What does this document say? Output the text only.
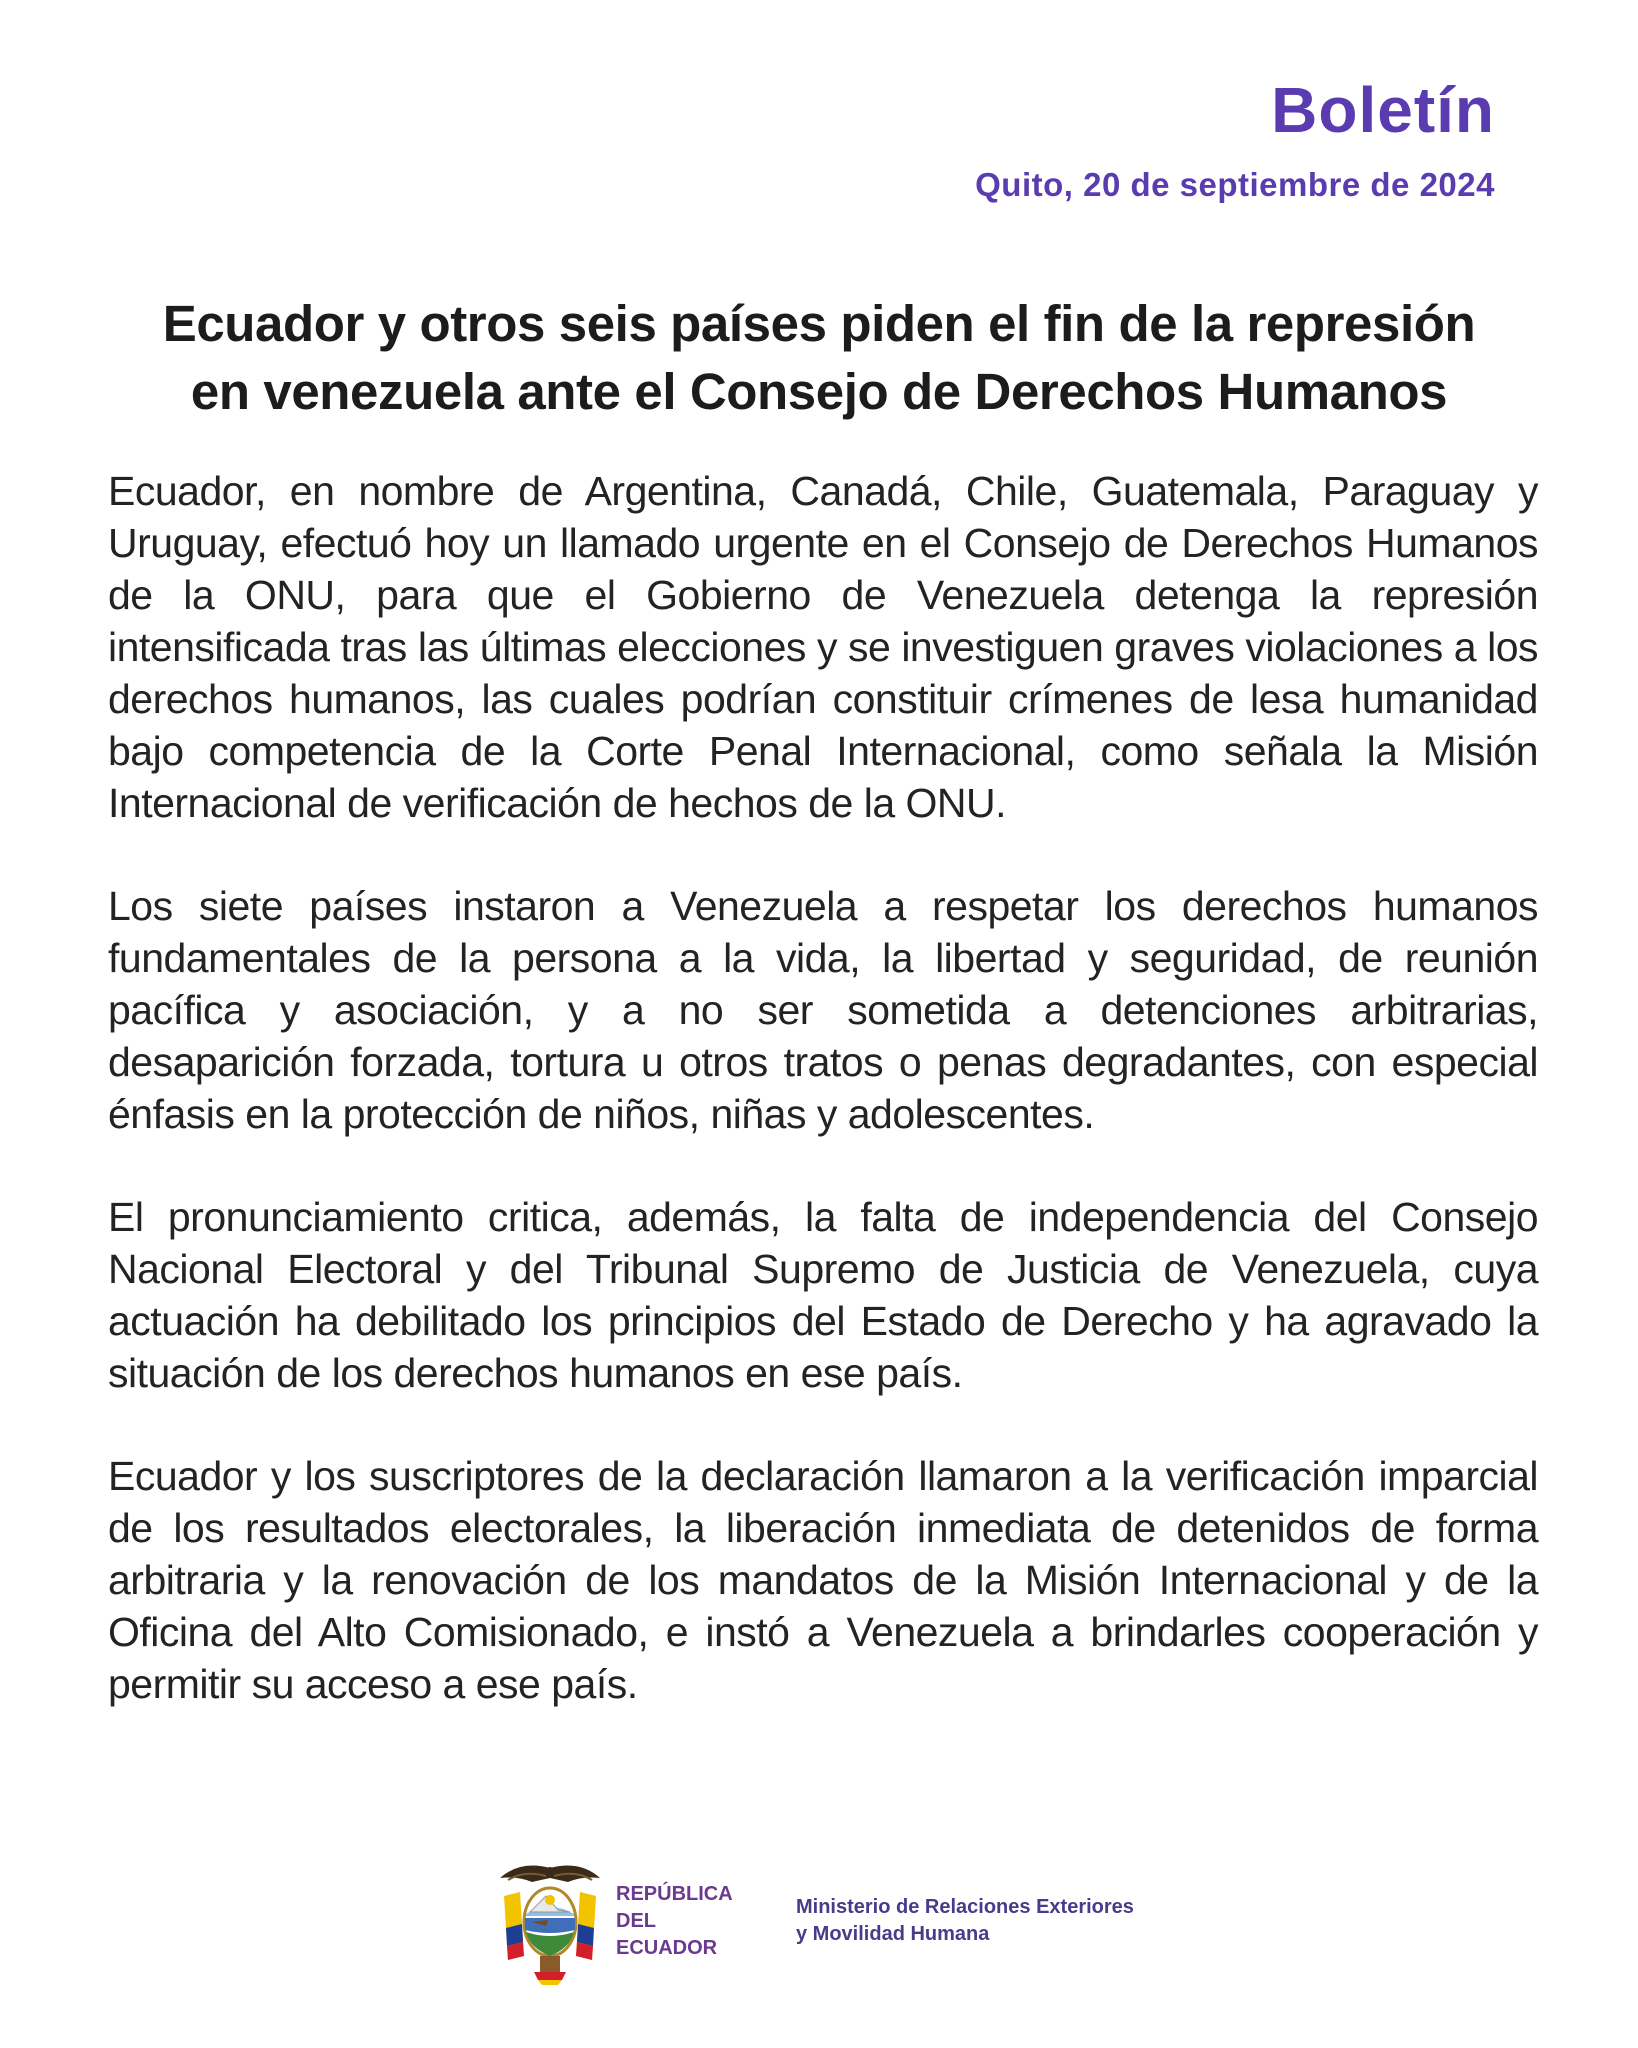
Boletín
Quito, 20 de septiembre de 2024
Ecuador y otros seis países piden el fin de la represión
en venezuela ante el Consejo de Derechos Humanos

Ecuador, en nombre de Argentina, Canadá, Chile, Guatemala, Paraguay y Uruguay, efectuó hoy un llamado urgente en el Consejo de Derechos Humanos de la ONU, para que el Gobierno de Venezuela detenga la represión intensificada tras las últimas elecciones y se investiguen graves violaciones a los derechos humanos, las cuales podrían constituir crímenes de lesa humanidad bajo competencia de la Corte Penal Internacional, como señala la Misión Internacional de verificación de hechos de la ONU.

Los siete países instaron a Venezuela a respetar los derechos humanos fundamentales de la persona a la vida, la libertad y seguridad, de reunión pacífica y asociación, y a no ser sometida a detenciones arbitrarias, desaparición forzada, tortura u otros tratos o penas degradantes, con especial énfasis en la protección de niños, niñas y adolescentes.

El pronunciamiento critica, además, la falta de independencia del Consejo Nacional Electoral y del Tribunal Supremo de Justicia de Venezuela, cuya actuación ha debilitado los principios del Estado de Derecho y ha agravado la situación de los derechos humanos en ese país.

Ecuador y los suscriptores de la declaración llamaron a la verificación imparcial de los resultados electorales, la liberación inmediata de detenidos de forma arbitraria y la renovación de los mandatos de la Misión Internacional y de la Oficina del Alto Comisionado, e instó a Venezuela a brindarles cooperación y permitir su acceso a ese país.

REPÚBLICA
DEL ECUADOR
Ministerio de Relaciones Exteriores
y Movilidad Humana
